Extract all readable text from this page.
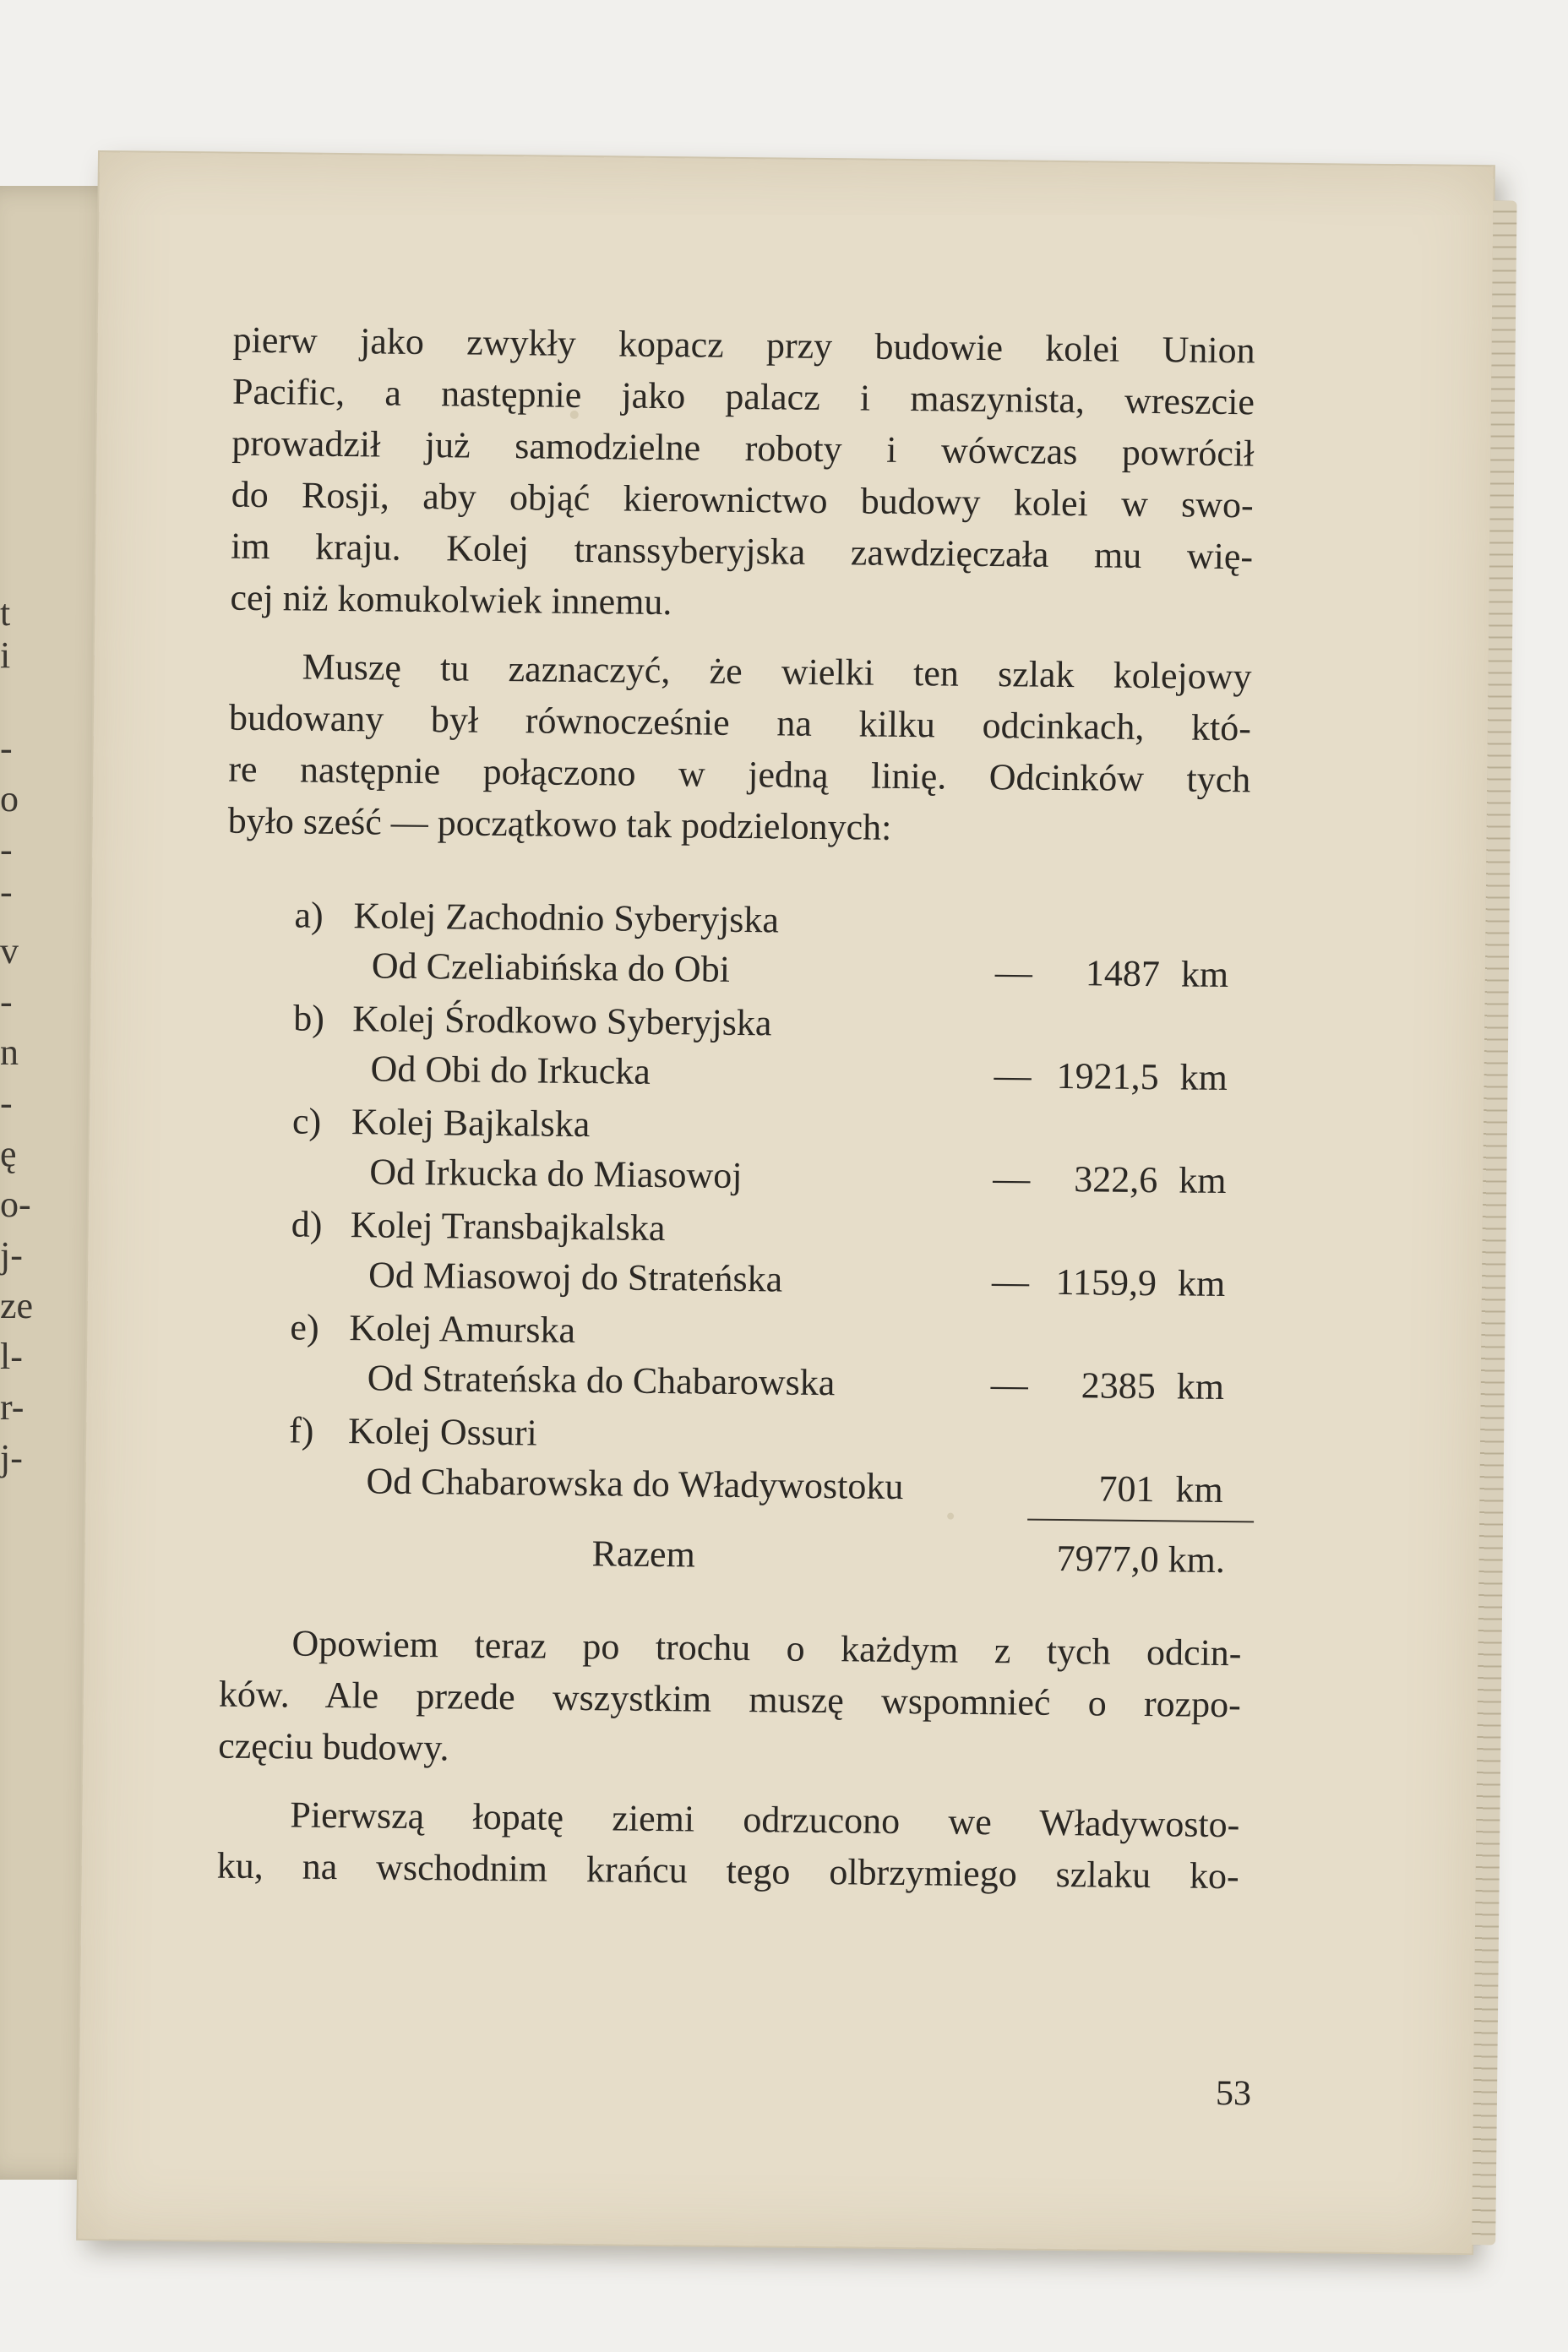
t
i
-
o
-
-
v
-
n
-
ę
o-
j-
ze
l-
r-
j-
pierw jako zwykły kopacz przy budowie kolei Union
Pacific, a następnie jako palacz i maszynista, wreszcie
prowadził już samodzielne roboty i wówczas powrócił
do Rosji, aby objąć kierownictwo budowy kolei w swo-
im kraju. Kolej transsyberyjska zawdzięczała mu wię-
cej niż komukolwiek innemu.
Muszę tu zaznaczyć, że wielki ten szlak kolejowy
budowany był równocześnie na kilku odcinkach, któ-
re następnie połączono w jedną linię. Odcinków tych
było sześć — początkowo tak podzielonych:
a) Kolej Zachodnio Syberyjska
Od Czeliabińska do Obi	—	1487 km
b) Kolej Środkowo Syberyjska
Od Obi do Irkucka	— 1921,5 km
c) Kolej Bajkalska
Od Irkucka do Miasowoj	—	322,6 km
d) Kolej Transbajkalska
Od Miasowoj do Strateńska	— 1159,9 km
e) Kolej Amurska
Od Strateńska do Chabarowska	—	2385 km
f) Kolej Ossuri
Od Chabarowska do Władywostoku	701 km
Razem	7977,0 km.
Opowiem teraz po trochu o każdym z tych odcin-
ków. Ale przede wszystkim muszę wspomnieć o rozpo-
częciu budowy.
Pierwszą łopatę ziemi odrzucono we Władywosto-
ku, na wschodnim krańcu tego olbrzymiego szlaku ko-
53
